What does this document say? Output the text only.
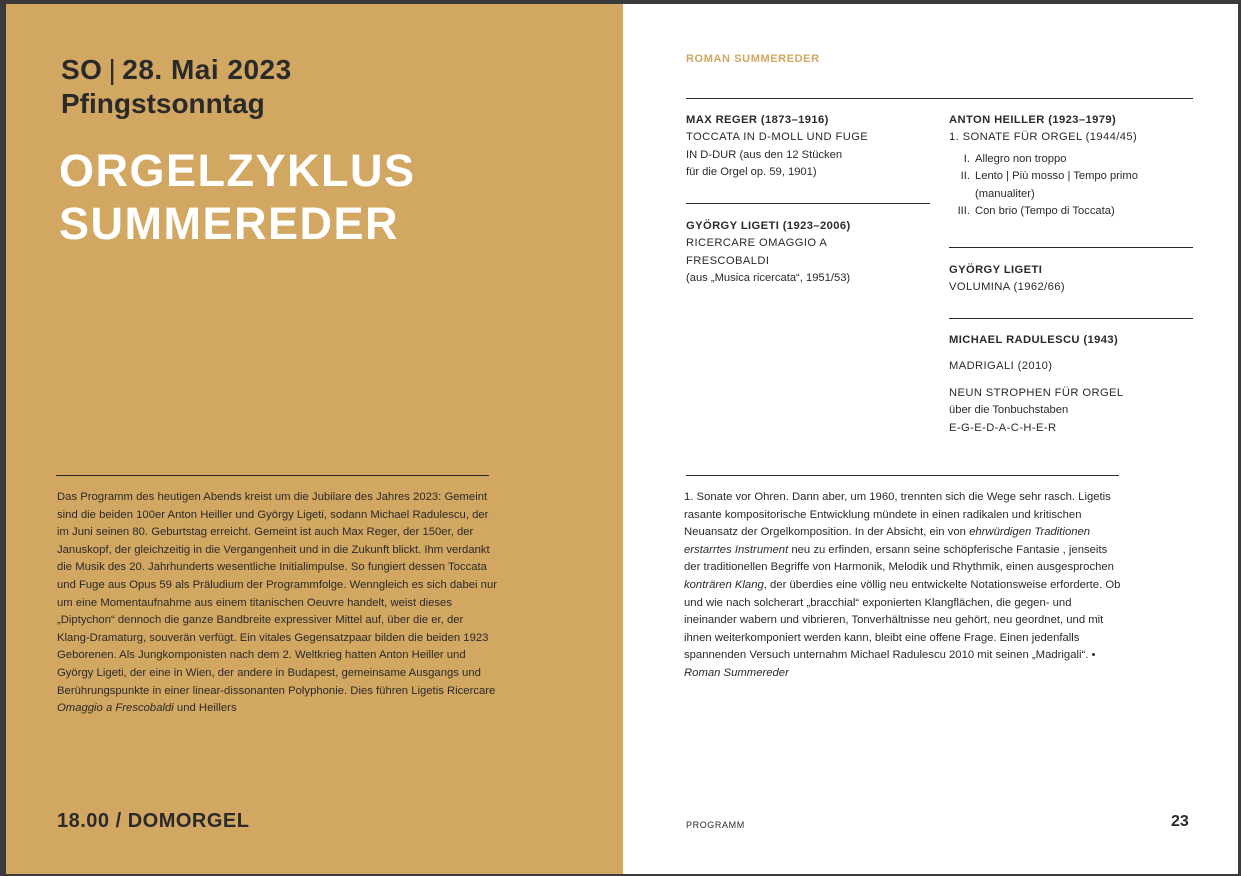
SO | 28. Mai 2023
Pfingstsonntag
ORGELZYKLUS
SUMMEREDER
Das Programm des heutigen Abends kreist um die Jubilare des Jahres 2023: Gemeint sind die beiden 100er Anton Heiller und György Ligeti, sodann Michael Radulescu, der im Juni seinen 80. Geburtstag erreicht. Gemeint ist auch Max Reger, der 150er, der Januskopf, der gleichzeitig in die Vergangenheit und in die Zukunft blickt. Ihm verdankt die Musik des 20. Jahrhunderts wesentliche Initialimpulse. So fungiert dessen Toccata und Fuge aus Opus 59 als Präludium der Programmfolge. Wenngleich es sich dabei nur um eine Momentaufnahme aus einem titanischen Oeuvre handelt, weist dieses „Diptychon“ dennoch die ganze Bandbreite expressiver Mittel auf, über die er, der Klang-Dramaturg, souverän verfügt. Ein vitales Gegensatzpaar bilden die beiden 1923 Geborenen. Als Jungkomponisten nach dem 2. Weltkrieg hatten Anton Heiller und György Ligeti, der eine in Wien, der andere in Budapest, gemeinsame Ausgangs und Berührungspunkte in einer linear-dissonanten Polyphonie. Dies führen Ligetis Ricercare Omaggio a Frescobaldi und Heillers
18.00 / DOMORGEL
ROMAN SUMMEREDER
MAX REGER (1873–1916)
TOCCATA IN D-MOLL UND FUGE
IN D-DUR (aus den 12 Stücken
für die Orgel op. 59, 1901)
GYÖRGY LIGETI (1923–2006)
RICERCARE OMAGGIO A
FRESCOBALDI
(aus „Musica ricercata“, 1951/53)
ANTON HEILLER (1923–1979)
1. SONATE FÜR ORGEL (1944/45)
I. Allegro non troppo
II. Lento | Più mosso | Tempo primo
(manualiter)
III. Con brio (Tempo di Toccata)
GYÖRGY LIGETI
VOLUMINA (1962/66)
MICHAEL RADULESCU (1943)
MADRIGALI (2010)
NEUN STROPHEN FÜR ORGEL
über die Tonbuchstaben
E-G-E-D-A-C-H-E-R
1. Sonate vor Ohren. Dann aber, um 1960, trennten sich die Wege sehr rasch. Ligetis rasante kompositorische Entwicklung mündete in einen radikalen und kritischen Neuansatz der Orgelkomposition. In der Absicht, ein von ehrwürdigen Traditionen erstarrtes Instrument neu zu erfinden, ersann seine schöpferische Fantasie , jenseits der traditionellen Begriffe von Harmonik, Melodik und Rhythmik, einen ausgesprochen konträren Klang, der überdies eine völlig neu entwickelte Notationsweise erforderte. Ob und wie nach solcherart „bracchial“ exponierten Klangflächen, die gegen- und ineinander wabern und vibrieren, Tonverhältnisse neu gehört, neu geordnet, und mit ihnen weiterkomponiert werden kann, bleibt eine offene Frage. Einen jedenfalls spannenden Versuch unternahm Michael Radulescu 2010 mit seinen „Madrigali“. • Roman Summereder
PROGRAMM	23
